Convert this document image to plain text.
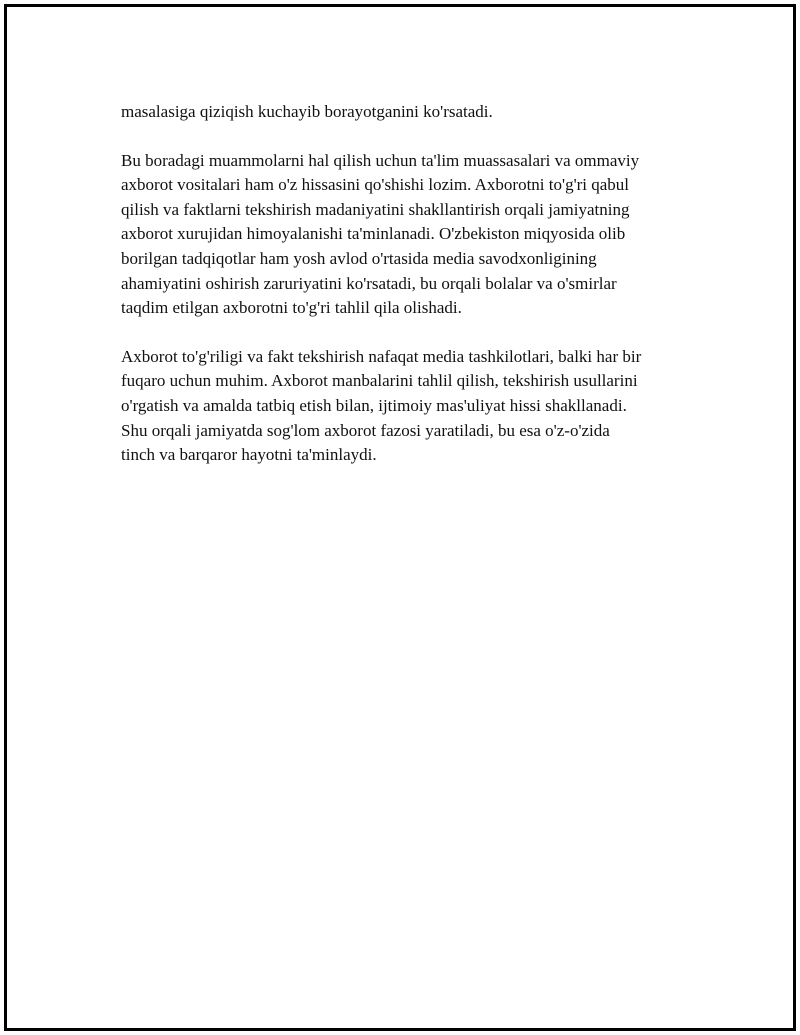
masalasiga qiziqish kuchayib borayotganini ko'rsatadi.

Bu boradagi muammolarni hal qilish uchun ta'lim muassasalari va ommaviy
axborot vositalari ham o'z hissasini qo'shishi lozim. Axborotni to'g'ri qabul
qilish va faktlarni tekshirish madaniyatini shakllantirish orqali jamiyatning
axborot xurujidan himoyalanishi ta'minlanadi. O'zbekiston miqyosida olib
borilgan tadqiqotlar ham yosh avlod o'rtasida media savodxonligining
ahamiyatini oshirish zaruriyatini ko'rsatadi, bu orqali bolalar va o'smirlar
taqdim etilgan axborotni to'g'ri tahlil qila olishadi.

Axborot to'g'riligi va fakt tekshirish nafaqat media tashkilotlari, balki har bir
fuqaro uchun muhim. Axborot manbalarini tahlil qilish, tekshirish usullarini
o'rgatish va amalda tatbiq etish bilan, ijtimoiy mas'uliyat hissi shakllanadi.
Shu orqali jamiyatda sog'lom axborot fazosi yaratiladi, bu esa o'z-o'zida
tinch va barqaror hayotni ta'minlaydi.
